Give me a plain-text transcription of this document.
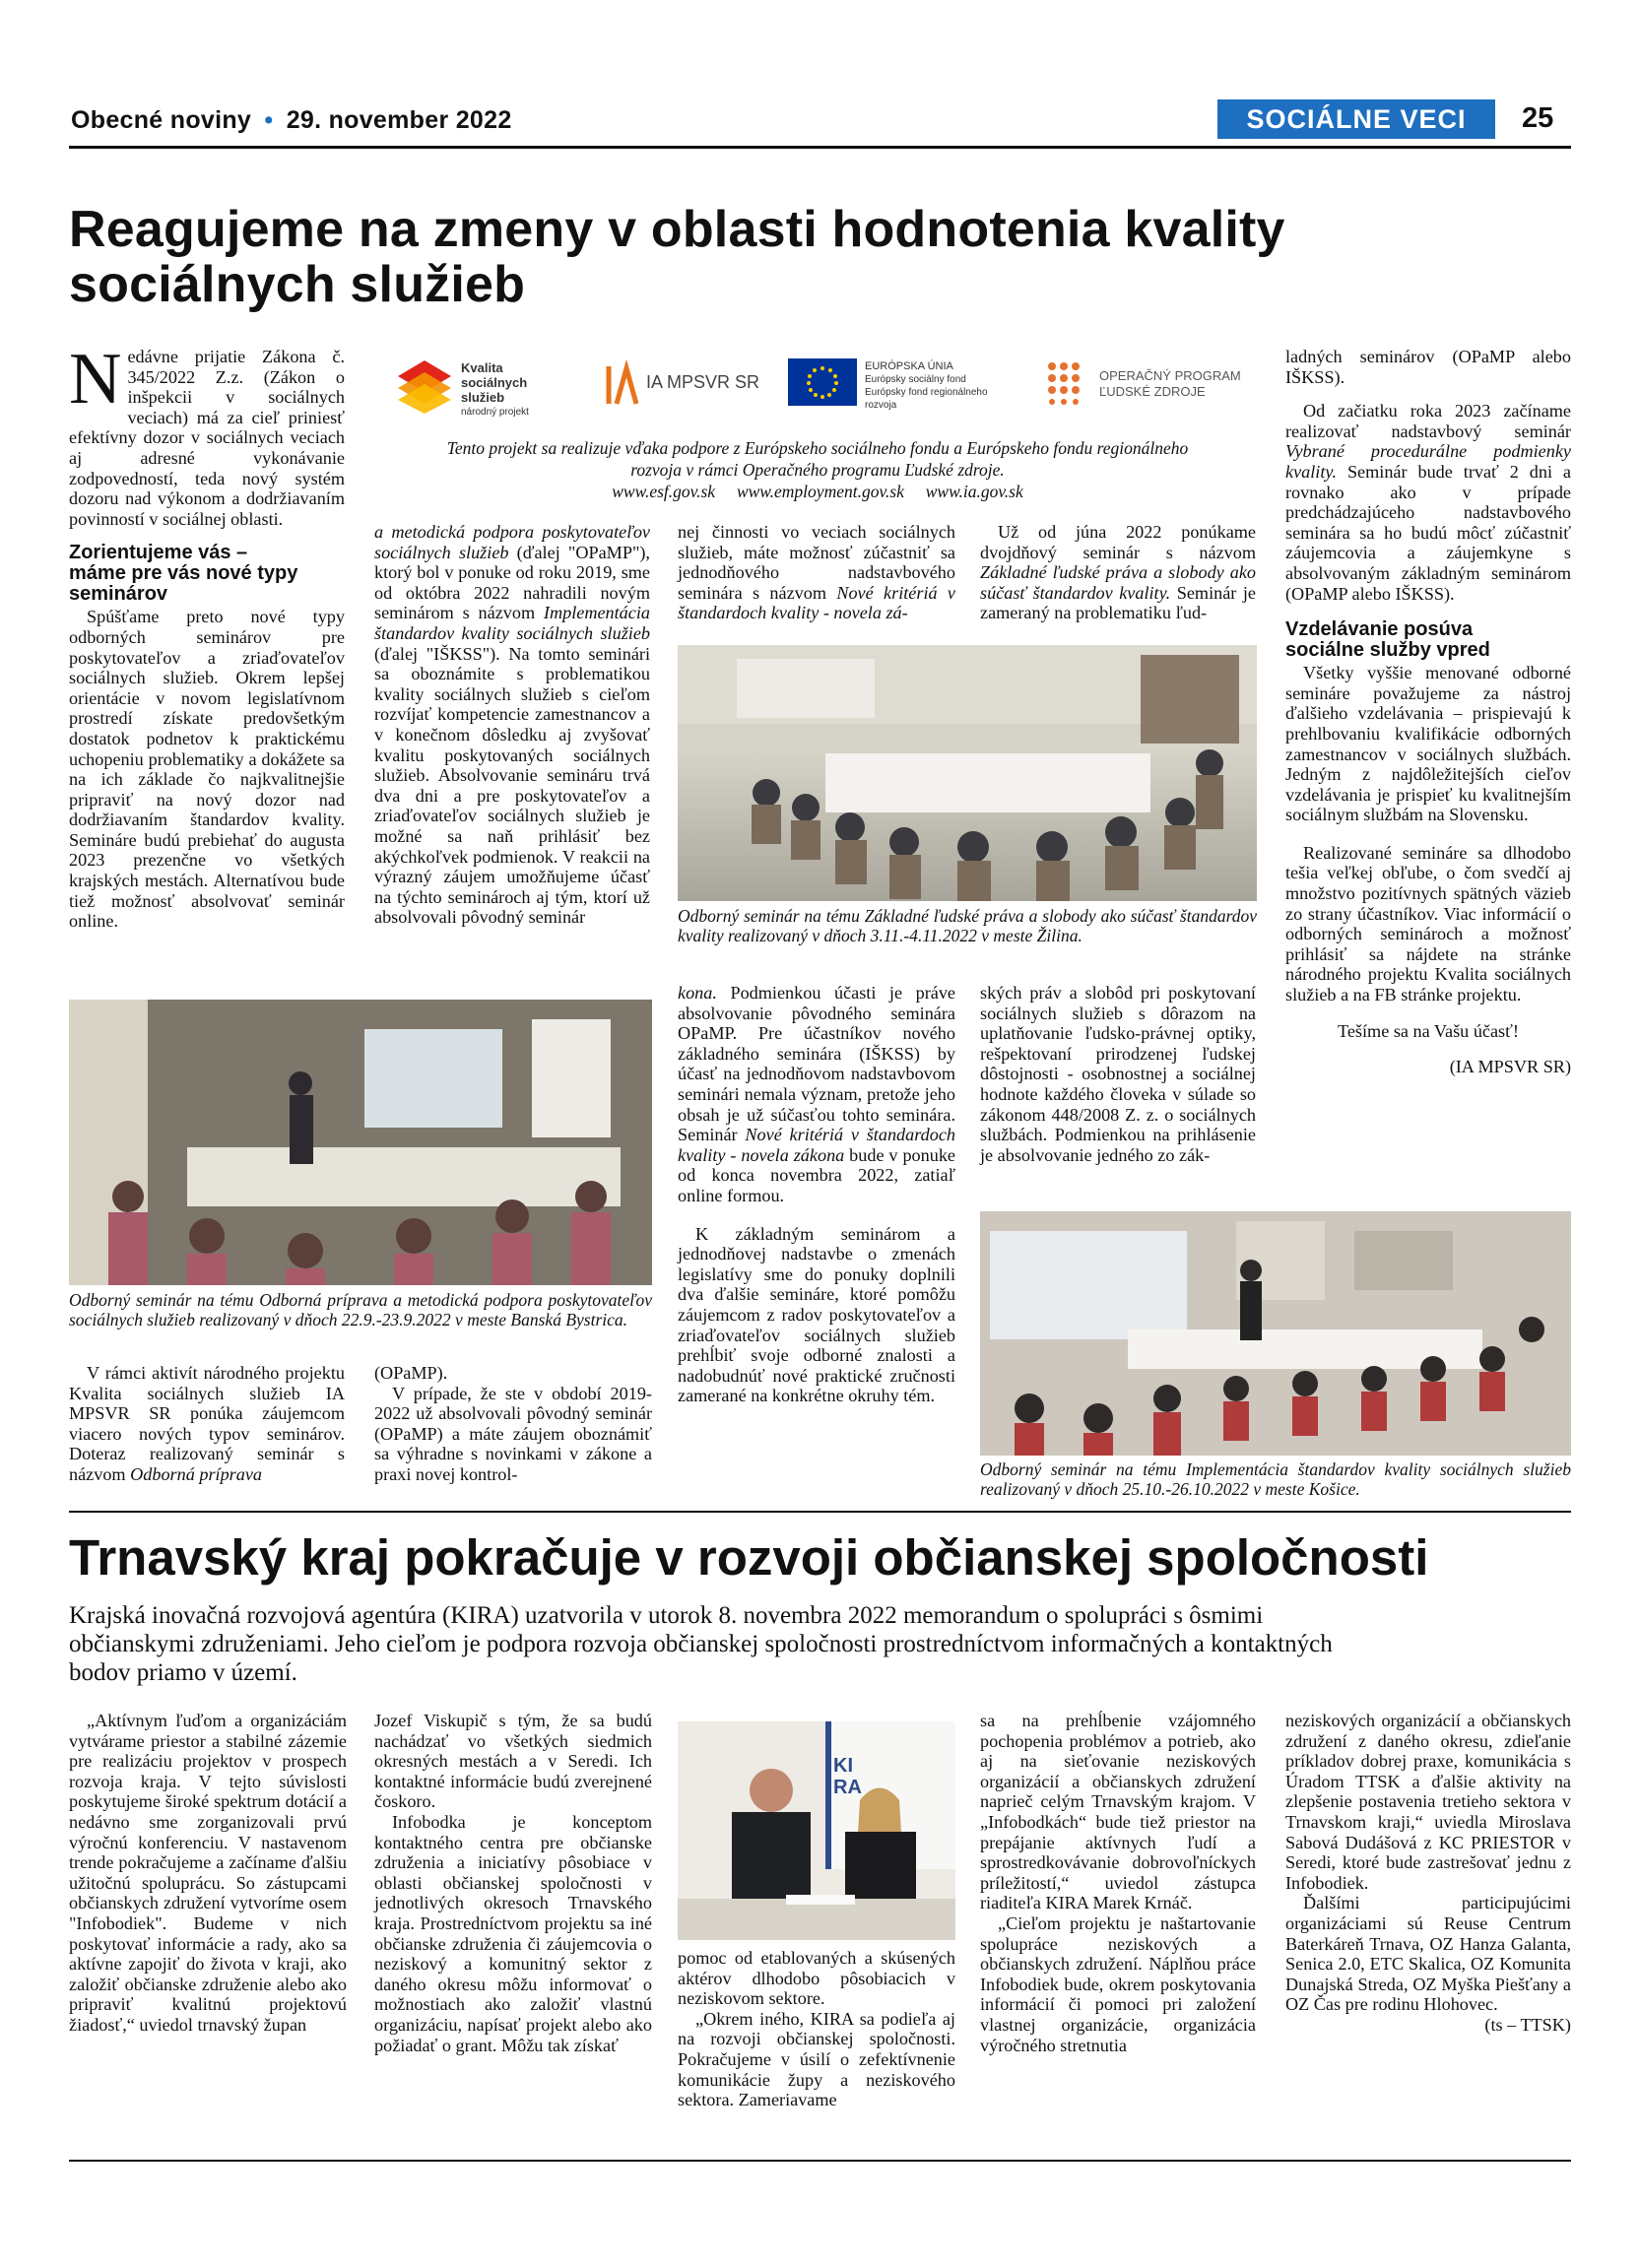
Obecné noviny • 29. november 2022	SOCIÁLNE VECI	25
Reagujeme na zmeny v oblasti hodnotenia kvality
sociálnych služieb

Nedávne prijatie Zákona č. 345/2022 Z.z. (Zákon o inšpekcii v sociálnych veciach) má za cieľ priniesť efektívny dozor v sociálnych veciach aj adresné vykonávanie zodpovedností, teda nový systém dozoru nad výkonom a dodržiavaním povinností v sociálnej oblasti.

Zorientujeme vás –
máme pre vás nové typy
seminárov

Spúšťame preto nové typy odborných seminárov pre poskytovateľov a zriaďovateľov sociálnych služieb. Okrem lepšej orientácie v novom legislatívnom prostredí získate predovšetkým dostatok podnetov k praktickému uchopeniu problematiky a dokážete sa na ich základe čo najkvalitnejšie pripraviť na nový dozor nad dodržiavaním štandardov kvality. Semináre budú prebiehať do augusta 2023 prezenčne vo všetkých krajských mestách. Alternatívou bude tiež možnosť absolvovať seminár online.

Kvalita
sociálnych služieb
národný projekt
IA MPSVR SR
EURÓPSKA ÚNIA
Európsky sociálny fond
Európsky fond regionálneho rozvoja
OPERAČNÝ PROGRAM
ĽUDSKÉ ZDROJE
Tento projekt sa realizuje vďaka podpore z Európskeho sociálneho fondu a Európskeho fondu regionálneho
rozvoja v rámci Operačného programu Ľudské zdroje.
www.esf.gov.sk     www.employment.gov.sk     www.ia.gov.sk

ladných seminárov (OPaMP alebo IŠKSS).

Od začiatku roka 2023 začíname realizovať nadstavbový seminár Vybrané procedurálne podmienky kvality. Seminár bude trvať 2 dni a rovnako ako v prípade predchádzajúceho nadstavbového seminára sa ho budú môcť zúčastniť záujemcovia a záujemkyne s absolvovaným základným seminárom (OPaMP alebo IŠKSS).

Vzdelávanie posúva
sociálne služby vpred

Všetky vyššie menované odborné semináre považujeme za nástroj ďalšieho vzdelávania – prispievajú k prehlbovaniu kvalifikácie odborných zamestnancov v sociálnych službách. Jedným z najdôležitejších cieľov vzdelávania je prispieť ku kvalitnejším sociálnym službám na Slovensku.

Realizované semináre sa dlhodobo tešia veľkej obľube, o čom svedčí aj množstvo pozitívnych spätných väzieb zo strany účastníkov. Viac informácií o odborných seminároch a možnosť prihlásiť sa nájdete na stránke národného projektu Kvalita sociálnych služieb a na FB stránke projektu.

Tešíme sa na Vašu účasť!

(IA MPSVR SR)

a metodická podpora poskytovateľov sociálnych služieb (ďalej "OPaMP"), ktorý bol v ponuke od roku 2019, sme od októbra 2022 nahradili novým seminárom s názvom Implementácia štandardov kvality sociálnych služieb (ďalej "IŠKSS"). Na tomto seminári sa oboznámite s problematikou kvality sociálnych služieb s cieľom rozvíjať kompetencie zamestnancov a v konečnom dôsledku aj zvyšovať kvalitu poskytovaných sociálnych služieb. Absolvovanie semináru trvá dva dni a pre poskytovateľov a zriaďovateľov sociálnych služieb je možné sa naň prihlásiť bez akýchkoľvek podmienok. V reakcii na výrazný záujem umožňujeme účasť na týchto seminároch aj tým, ktorí už absolvovali pôvodný seminár

nej činnosti vo veciach sociálnych služieb, máte možnosť zúčastniť sa jednodňového nadstavbového seminára s názvom Nové kritériá v štandardoch kvality - novela zá-

Už od júna 2022 ponúkame dvojdňový seminár s názvom Základné ľudské práva a slobody ako súčasť štandardov kvality. Seminár je zameraný na problematiku ľud-

Odborný seminár na tému Základné ľudské práva a slobody ako súčasť štandardov kvality realizovaný v dňoch 3.11.-4.11.2022 v meste Žilina.
Odborný seminár na tému Odborná príprava a metodická podpora poskytovateľov sociálnych služieb realizovaný v dňoch 22.9.-23.9.2022 v meste Banská Bystrica.

kona. Podmienkou účasti je práve absolvovanie pôvodného seminára OPaMP. Pre účastníkov nového základného seminára (IŠKSS) by účasť na jednodňovom nadstavbovom seminári nemala význam, pretože jeho obsah je už súčasťou tohto seminára. Seminár Nové kritériá v štandardoch kvality - novela zákona bude v ponuke od konca novembra 2022, zatiaľ online formou.

K základným seminárom a jednodňovej nadstavbe o zmenách legislatívy sme do ponuky doplnili dva ďalšie semináre, ktoré pomôžu záujemcom z radov poskytovateľov a zriaďovateľov sociálnych služieb prehĺbiť svoje odborné znalosti a nadobudnúť nové praktické zručnosti zamerané na konkrétne okruhy tém.

ských práv a slobôd pri poskytovaní sociálnych služieb s dôrazom na uplatňovanie ľudsko-právnej optiky, rešpektovaní prirodzenej ľudskej dôstojnosti - osobnostnej a sociálnej hodnote každého človeka v súlade so zákonom 448/2008 Z. z. o sociálnych službách. Podmienkou na prihlásenie je absolvovanie jedného zo zák-

Odborný seminár na tému Implementácia štandardov kvality sociálnych služieb realizovaný v dňoch 25.10.-26.10.2022 v meste Košice.

V rámci aktivít národného projektu Kvalita sociálnych služieb IA MPSVR SR ponúka záujemcom viacero nových typov seminárov. Doteraz realizovaný seminár s názvom Odborná príprava

(OPaMP).

V prípade, že ste v období 2019-2022 už absolvovali pôvodný seminár (OPaMP) a máte záujem oboznámiť sa výhradne s novinkami v zákone a praxi novej kontrol-

Trnavský kraj pokračuje v rozvoji občianskej spoločnosti
Krajská inovačná rozvojová agentúra (KIRA) uzatvorila v utorok 8. novembra 2022 memorandum o spolupráci s ôsmimi
občianskymi združeniami. Jeho cieľom je podpora rozvoja občianskej spoločnosti prostredníctvom informačných a kontaktných
bodov priamo v území.

„Aktívnym ľuďom a organizáciám vytvárame priestor a stabilné zázemie pre realizáciu projektov v prospech rozvoja kraja. V tejto súvislosti poskytujeme široké spektrum dotácií a nedávno sme zorganizovali prvú výročnú konferenciu. V nastavenom trende pokračujeme a začíname ďalšiu užitočnú spoluprácu. So zástupcami občianskych združení vytvoríme osem "Infobodiek". Budeme v nich poskytovať informácie a rady, ako sa aktívne zapojiť do života v kraji, ako založiť občianske združenie alebo ako pripraviť kvalitnú projektovú žiadosť,“ uviedol trnavský župan

Jozef Viskupič s tým, že sa budú nachádzať vo všetkých siedmich okresných mestách a v Seredi. Ich kontaktné informácie budú zverejnené čoskoro.

Infobodka je konceptom kontaktného centra pre občianske združenia a iniciatívy pôsobiace v oblasti občianskej spoločnosti v jednotlivých okresoch Trnavského kraja. Prostredníctvom projektu sa iné občianske združenia či záujemcovia o neziskový a komunitný sektor z daného okresu môžu informovať o možnostiach ako založiť vlastnú organizáciu, napísať projekt alebo ako požiadať o grant. Môžu tak získať

KI
RA

pomoc od etablovaných a skúsených aktérov dlhodobo pôsobiacich v neziskovom sektore.

„Okrem iného, KIRA sa podieľa aj na rozvoji občianskej spoločnosti. Pokračujeme v úsilí o zefektívnenie komunikácie župy a neziskového sektora. Zameriavame

sa na prehĺbenie vzájomného pochopenia problémov a potrieb, ako aj na sieťovanie neziskových organizácií a občianskych združení naprieč celým Trnavským krajom. V „Infobodkách“ bude tiež priestor na prepájanie aktívnych ľudí a sprostredkovávanie dobrovoľníckych príležitostí,“ uviedol zástupca riaditeľa KIRA Marek Krnáč.

„Cieľom projektu je naštartovanie spolupráce neziskových a občianskych združení. Náplňou práce Infobodiek bude, okrem poskytovania informácií či pomoci pri založení vlastnej organizácie, organizácia výročného stretnutia

neziskových organizácií a občianskych združení z daného okresu, zdieľanie príkladov dobrej praxe, komunikácia s Úradom TTSK a ďalšie aktivity na zlepšenie postavenia tretieho sektora v Trnavskom kraji,“ uviedla Miroslava Sabová Dudášová z KC PRIESTOR v Seredi, ktoré bude zastrešovať jednu z Infobodiek.

Ďalšími participujúcimi organizáciami sú Reuse Centrum Baterkáreň Trnava, OZ Hanza Galanta, Senica 2.0, ETC Skalica, OZ Komunita Dunajská Streda, OZ Myška Piešťany a OZ Čas pre rodinu Hlohovec.

(ts – TTSK)
